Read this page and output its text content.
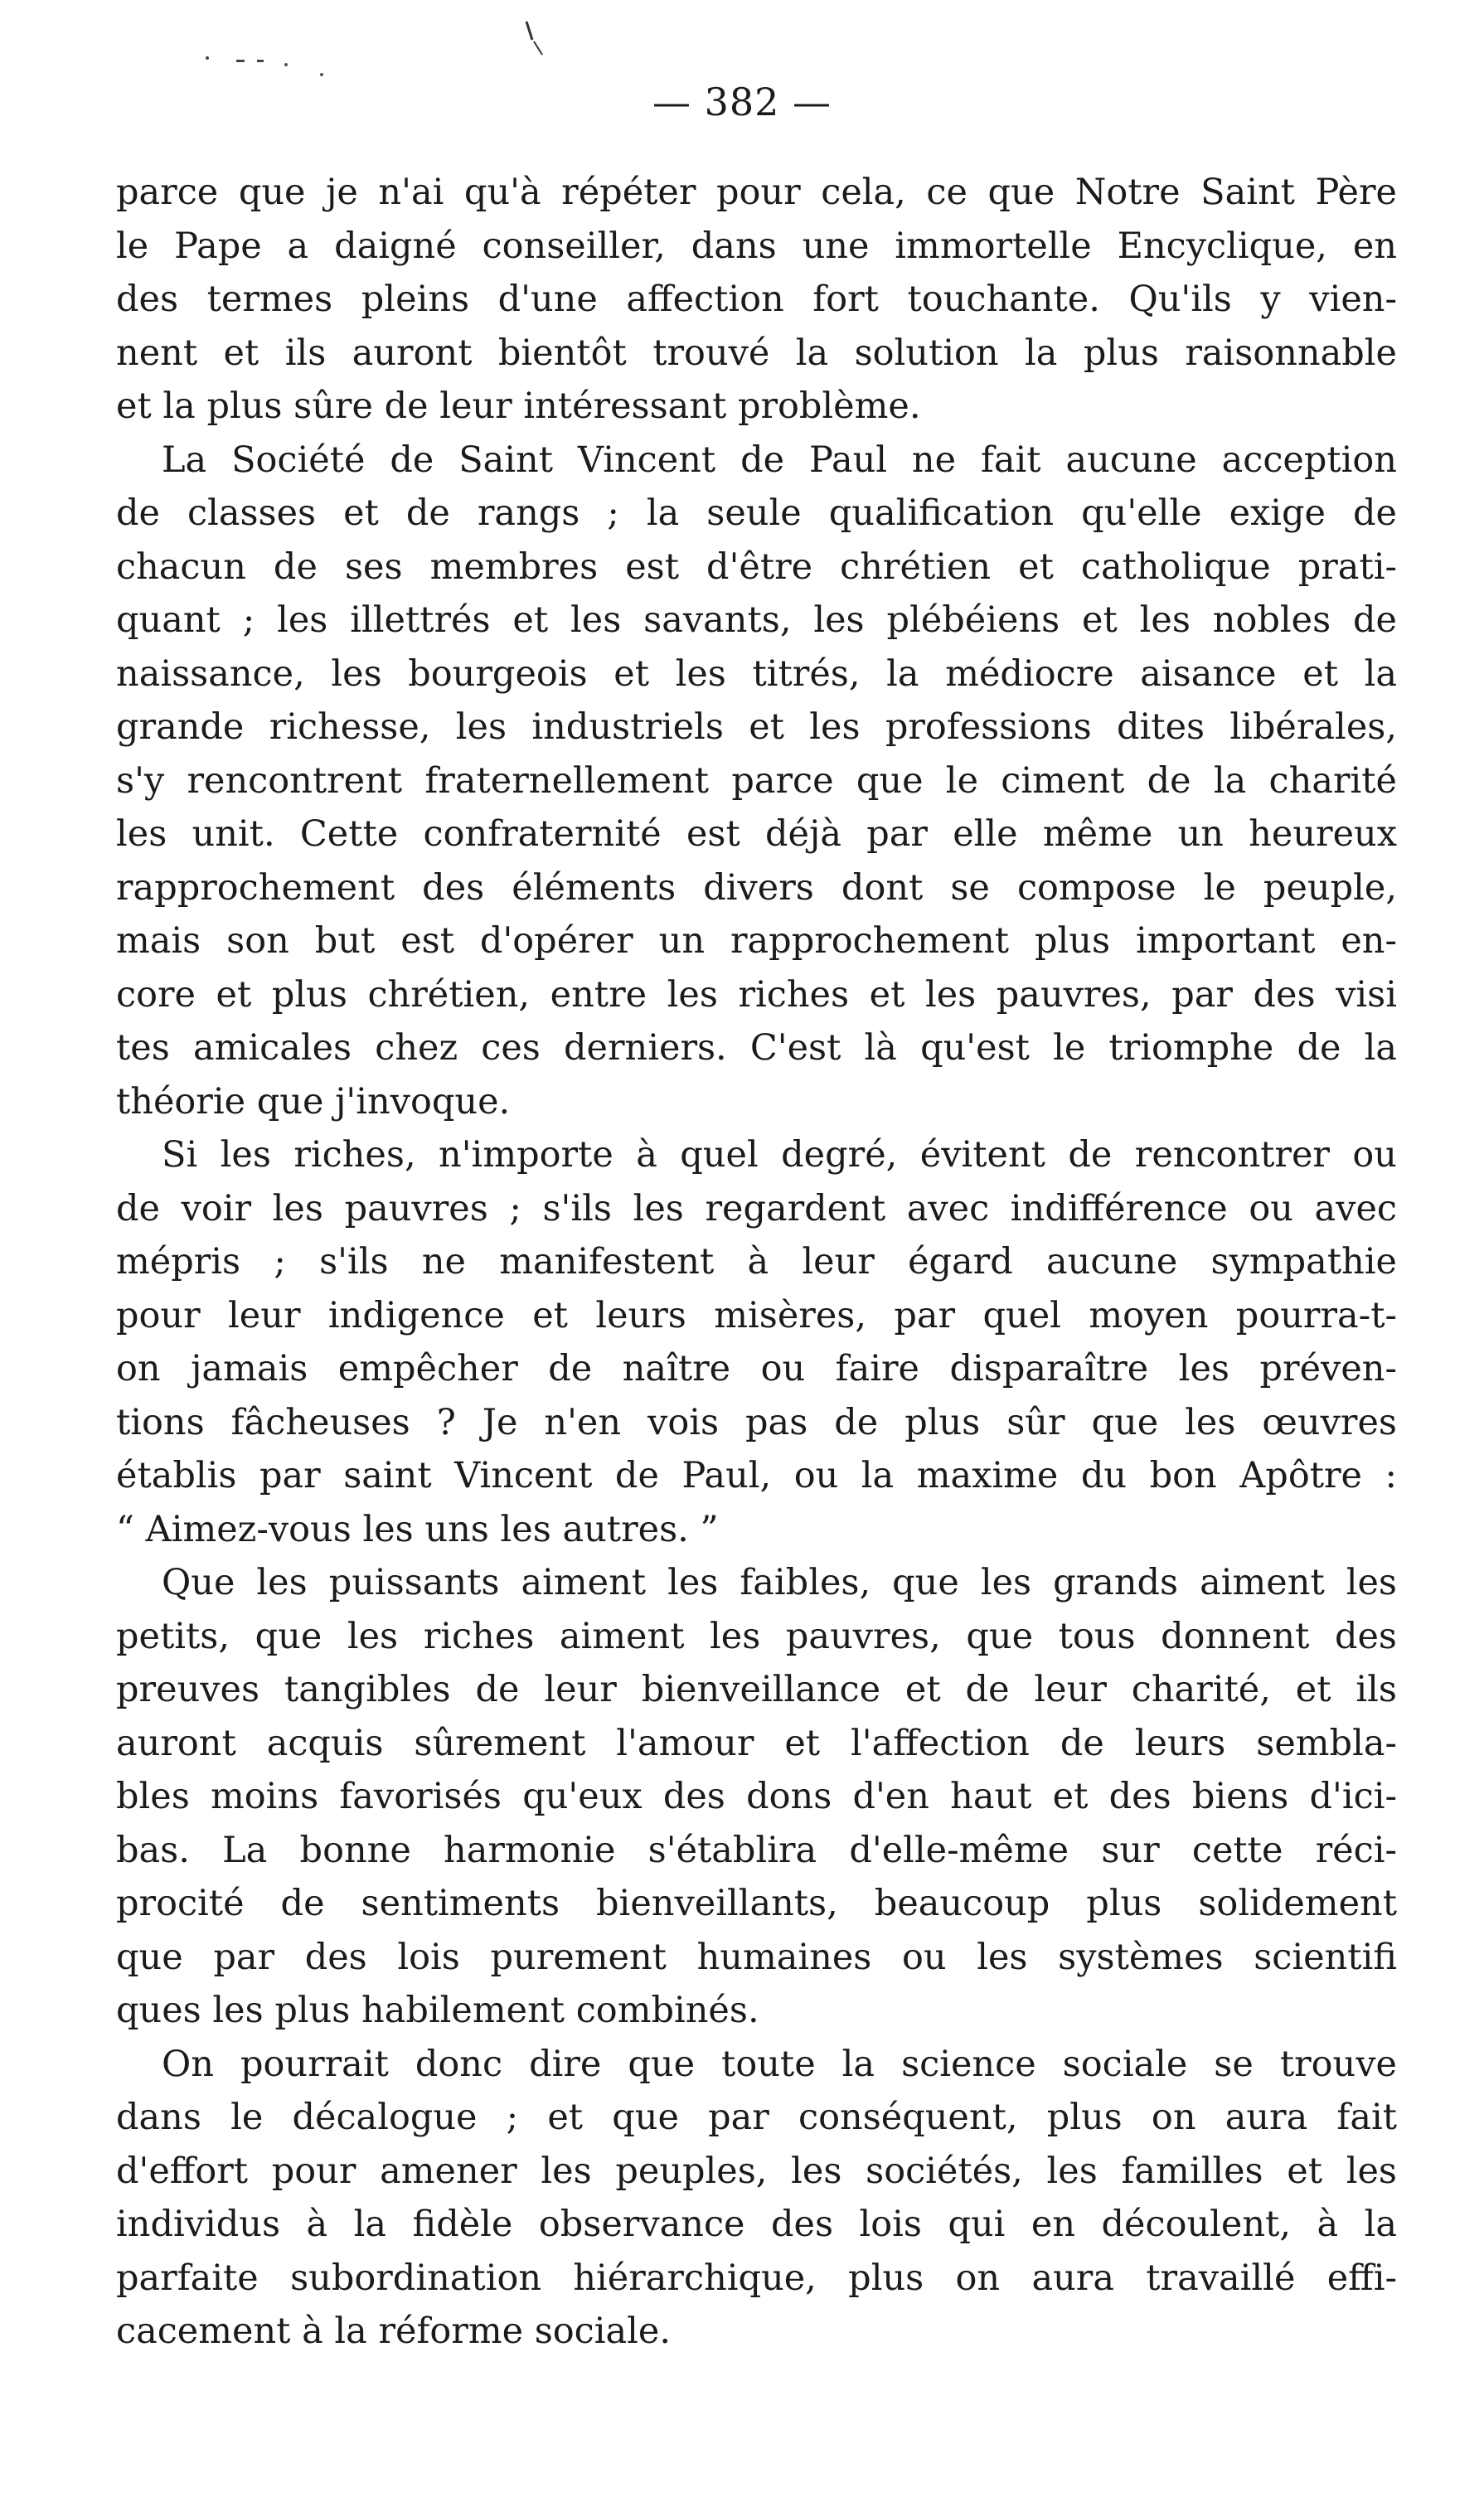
— 382 —

parce que je n'ai qu'à répéter pour cela, ce que Notre Saint Père
le Pape a daigné conseiller, dans une immortelle Encyclique, en
des termes pleins d'une affection fort touchante. Qu'ils y vien-
nent et ils auront bientôt trouvé la solution la plus raisonnable
et la plus sûre de leur intéressant problème.

La Société de Saint Vincent de Paul ne fait aucune acception
de classes et de rangs ; la seule qualification qu'elle exige de
chacun de ses membres est d'être chrétien et catholique prati-
quant ; les illettrés et les savants, les plébéiens et les nobles de
naissance, les bourgeois et les titrés, la médiocre aisance et la
grande richesse, les industriels et les professions dites libérales,
s'y rencontrent fraternellement parce que le ciment de la charité
les unit. Cette confraternité est déjà par elle même un heureux
rapprochement des éléments divers dont se compose le peuple,
mais son but est d'opérer un rapprochement plus important en-
core et plus chrétien, entre les riches et les pauvres, par des visi
tes amicales chez ces derniers. C'est là qu'est le triomphe de la
théorie que j'invoque.

Si les riches, n'importe à quel degré, évitent de rencontrer ou
de voir les pauvres ; s'ils les regardent avec indifférence ou avec
mépris ; s'ils ne manifestent à leur égard aucune sympathie
pour leur indigence et leurs misères, par quel moyen pourra-t-
on jamais empêcher de naître ou faire disparaître les préven-
tions fâcheuses ? Je n'en vois pas de plus sûr que les œuvres
établis par saint Vincent de Paul, ou la maxime du bon Apôtre :
“ Aimez-vous les uns les autres. ”

Que les puissants aiment les faibles, que les grands aiment les
petits, que les riches aiment les pauvres, que tous donnent des
preuves tangibles de leur bienveillance et de leur charité, et ils
auront acquis sûrement l'amour et l'affection de leurs sembla-
bles moins favorisés qu'eux des dons d'en haut et des biens d'ici-
bas. La bonne harmonie s'établira d'elle-même sur cette réci-
procité de sentiments bienveillants, beaucoup plus solidement
que par des lois purement humaines ou les systèmes scientifi
ques les plus habilement combinés.

On pourrait donc dire que toute la science sociale se trouve
dans le décalogue ; et que par conséquent, plus on aura fait
d'effort pour amener les peuples, les sociétés, les familles et les
individus à la fidèle observance des lois qui en découlent, à la
parfaite subordination hiérarchique, plus on aura travaillé effi-
cacement à la réforme sociale.
